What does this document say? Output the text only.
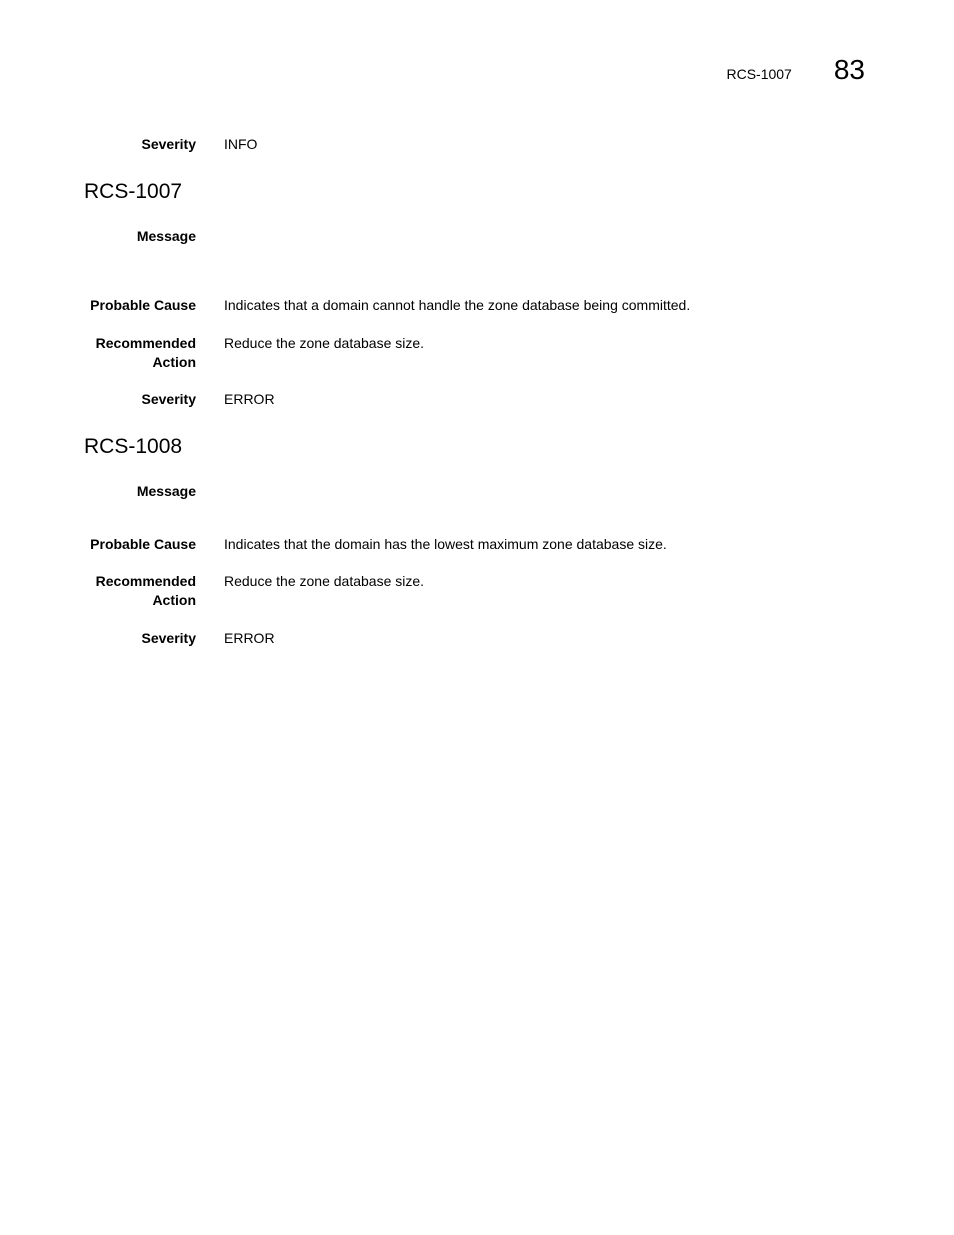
RCS-1007 83
Severity INFO
RCS-1007
Message
Probable Cause Indicates that a domain cannot handle the zone database being committed.
Recommended
Action
Reduce the zone database size.
Severity ERROR
RCS-1008
Message
Probable Cause Indicates that the domain has the lowest maximum zone database size.
Recommended
Action
Reduce the zone database size.
Severity ERROR
